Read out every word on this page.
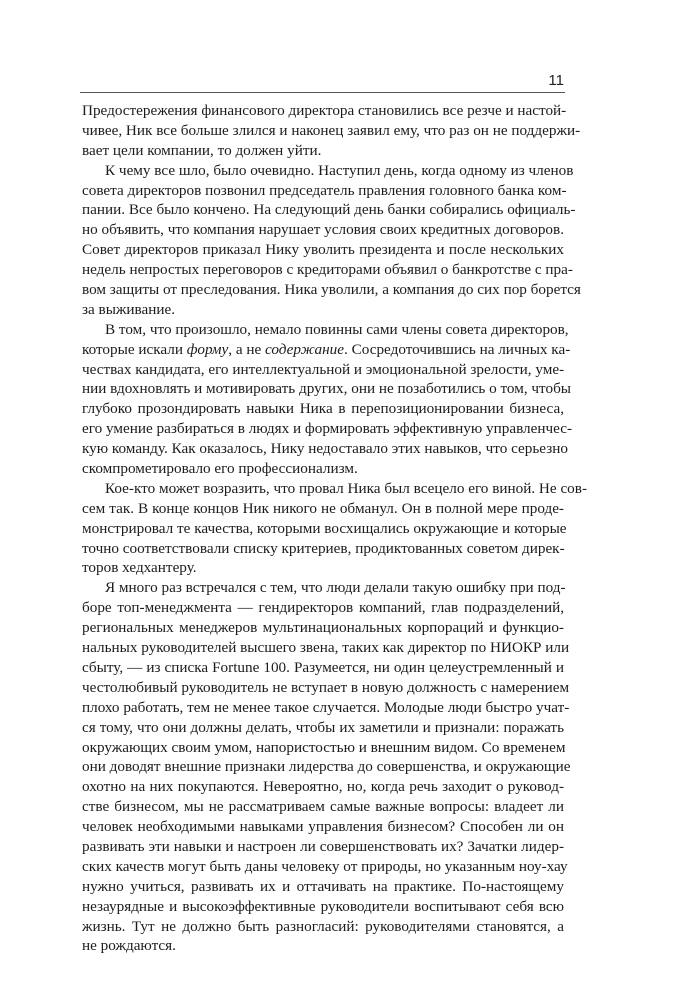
11
Предостережения финансового директора становились все резче и настой-
чивее, Ник все больше злился и наконец заявил ему, что раз он не поддержи-
вает цели компании, то должен уйти.
К чему все шло, было очевидно. Наступил день, когда одному из членов
совета директоров позвонил председатель правления головного банка ком-
пании. Все было кончено. На следующий день банки собирались официаль-
но объявить, что компания нарушает условия своих кредитных договоров.
Совет директоров приказал Нику уволить президента и после нескольких
недель непростых переговоров с кредиторами объявил о банкротстве с пра-
вом защиты от преследования. Ника уволили, а компания до сих пор борется
за выживание.
В том, что произошло, немало повинны сами члены совета директоров,
которые искали форму, а не содержание. Сосредоточившись на личных ка-
чествах кандидата, его интеллектуальной и эмоциональной зрелости, уме-
нии вдохновлять и мотивировать других, они не позаботились о том, чтобы
глубоко прозондировать навыки Ника в перепозиционировании бизнеса,
его умение разбираться в людях и формировать эффективную управленчес-
кую команду. Как оказалось, Нику недоставало этих навыков, что серьезно
скомпрометировало его профессионализм.
Кое-кто может возразить, что провал Ника был всецело его виной. Не сов-
сем так. В конце концов Ник никого не обманул. Он в полной мере проде-
монстрировал те качества, которыми восхищались окружающие и которые
точно соответствовали списку критериев, продиктованных советом дирек-
торов хедхантеру.
Я много раз встречался с тем, что люди делали такую ошибку при под-
боре топ-менеджмента — гендиректоров компаний, глав подразделений,
региональных менеджеров мультинациональных корпораций и функцио-
нальных руководителей высшего звена, таких как директор по НИОКР или
сбыту, — из списка Fortune 100. Разумеется, ни один целеустремленный и
честолюбивый руководитель не вступает в новую должность с намерением
плохо работать, тем не менее такое случается. Молодые люди быстро учат-
ся тому, что они должны делать, чтобы их заметили и признали: поражать
окружающих своим умом, напористостью и внешним видом. Со временем
они доводят внешние признаки лидерства до совершенства, и окружающие
охотно на них покупаются. Невероятно, но, когда речь заходит о руковод-
стве бизнесом, мы не рассматриваем самые важные вопросы: владеет ли
человек необходимыми навыками управления бизнесом? Способен ли он
развивать эти навыки и настроен ли совершенствовать их? Зачатки лидер-
ских качеств могут быть даны человеку от природы, но указанным ноу-хау
нужно учиться, развивать их и оттачивать на практике. По-настоящему
незаурядные и высокоэффективные руководители воспитывают себя всю
жизнь. Тут не должно быть разногласий: руководителями становятся, а
не рождаются.
